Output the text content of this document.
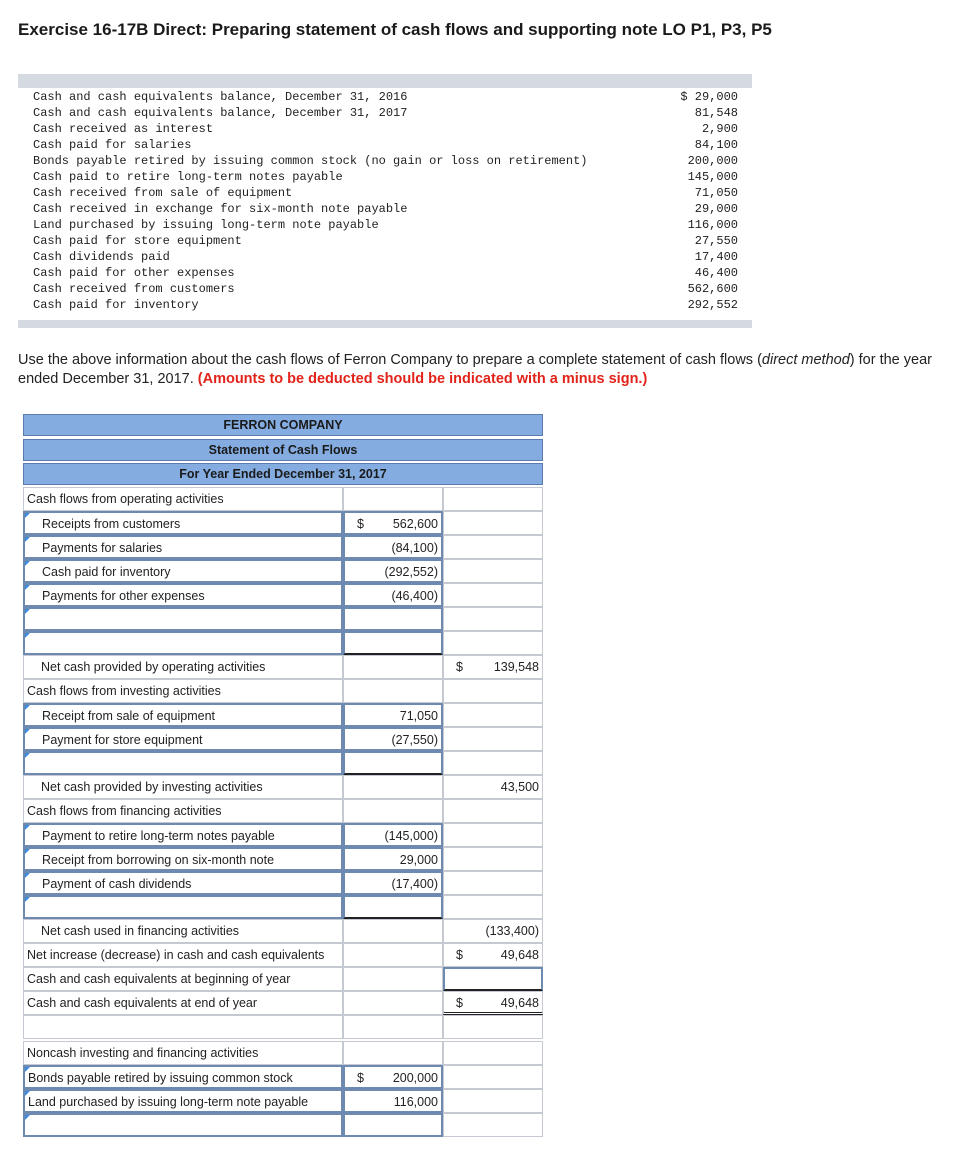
Exercise 16-17B Direct: Preparing statement of cash flows and supporting note LO P1, P3, P5
Cash and cash equivalents balance, December 31, 2016	$ 29,000
Cash and cash equivalents balance, December 31, 2017	81,548
Cash received as interest	2,900
Cash paid for salaries	84,100
Bonds payable retired by issuing common stock (no gain or loss on retirement)	200,000
Cash paid to retire long-term notes payable	145,000
Cash received from sale of equipment	71,050
Cash received in exchange for six-month note payable	29,000
Land purchased by issuing long-term note payable	116,000
Cash paid for store equipment	27,550
Cash dividends paid	17,400
Cash paid for other expenses	46,400
Cash received from customers	562,600
Cash paid for inventory	292,552
Use the above information about the cash flows of Ferron Company to prepare a complete statement of cash flows (direct method) for the year ended December 31, 2017. (Amounts to be deducted should be indicated with a minus sign.)
FERRON COMPANY
Statement of Cash Flows
For Year Ended December 31, 2017
Cash flows from operating activities
Receipts from customers	$ 562,600
Payments for salaries	(84,100)
Cash paid for inventory	(292,552)
Payments for other expenses	(46,400)
Net cash provided by operating activities	$ 139,548
Cash flows from investing activities
Receipt from sale of equipment	71,050
Payment for store equipment	(27,550)
Net cash provided by investing activities	43,500
Cash flows from financing activities
Payment to retire long-term notes payable	(145,000)
Receipt from borrowing on six-month note	29,000
Payment of cash dividends	(17,400)
Net cash used in financing activities	(133,400)
Net increase (decrease) in cash and cash equivalents	$	49,648
Cash and cash equivalents at beginning of year
Cash and cash equivalents at end of year	$	49,648
Noncash investing and financing activities
Bonds payable retired by issuing common stock	$ 200,000
Land purchased by issuing long-term note payable	116,000
